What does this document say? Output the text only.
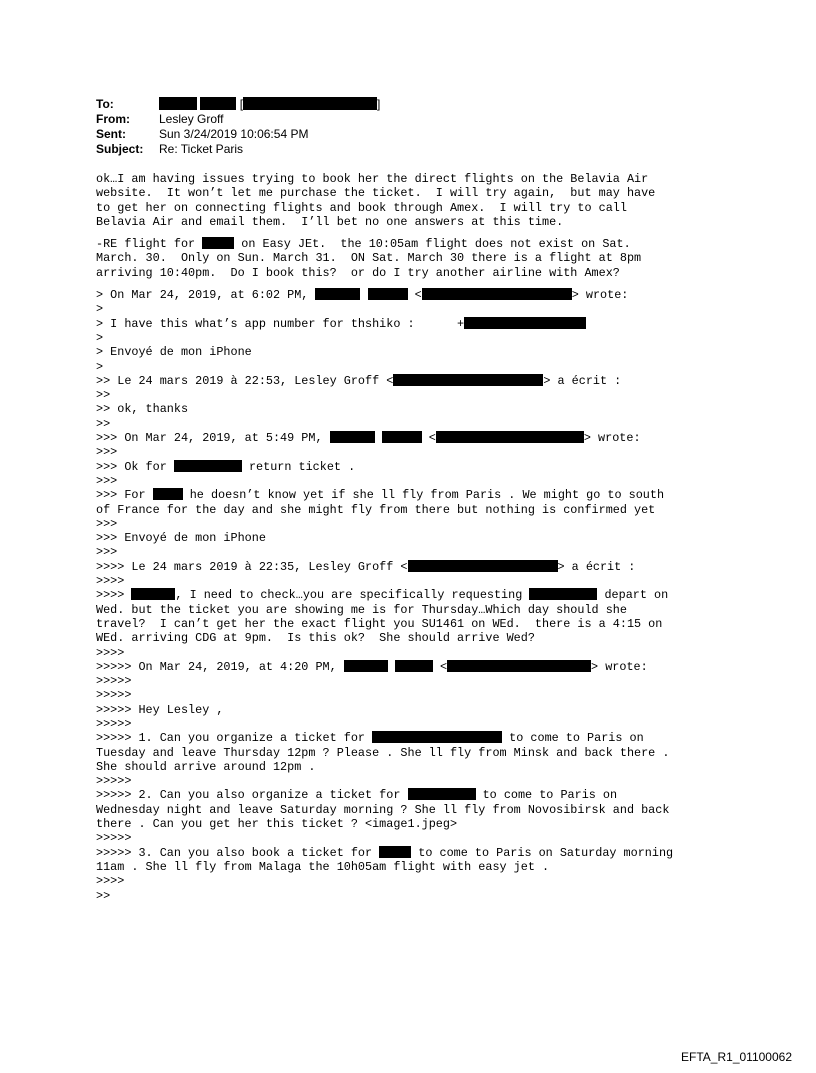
To:	[	]
From: Lesley Groff
Sent:	Sun 3/24/2019 10:06:54 PM
Subject: Re: Ticket Paris
ok…I am having issues trying to book her the direct flights on the Belavia Air
website.  It won’t let me purchase the ticket.  I will try again,  but may have
to get her on connecting flights and book through Amex.  I will try to call
Belavia Air and email them.  I’ll bet no one answers at this time.
-RE flight for	on Easy JEt.  the 10:05am flight does not exist on Sat.
March. 30.  Only on Sun. March 31.  ON Sat. March 30 there is a flight at 8pm
arriving 10:40pm.  Do I book this?  or do I try another airline with Amex?
> On Mar 24, 2019, at 6:02 PM,	<	> wrote:
>
> I have this what’s app number for thshiko :      +
>
> Envoyé de mon iPhone
>
>> Le 24 mars 2019 à 22:53, Lesley Groff <	> a écrit :
>>
>> ok, thanks
>>
>>> On Mar 24, 2019, at 5:49 PM,	<	> wrote:
>>>
>>> Ok for	return ticket .
>>>
>>> For	he doesn’t know yet if she ll fly from Paris . We might go to south
of France for the day and she might fly from there but nothing is confirmed yet
>>>
>>> Envoyé de mon iPhone
>>>
>>>> Le 24 mars 2019 à 22:35, Lesley Groff <	> a écrit :
>>>>
>>>>	, I need to check…you are specifically requesting	depart on
Wed. but the ticket you are showing me is for Thursday…Which day should she
travel?  I can’t get her the exact flight you SU1461 on WEd.  there is a 4:15 on
WEd. arriving CDG at 9pm.  Is this ok?  She should arrive Wed?
>>>>
>>>>> On Mar 24, 2019, at 4:20 PM,	<	> wrote:
>>>>>
>>>>>
>>>>> Hey Lesley ,
>>>>>
>>>>> 1. Can you organize a ticket for	to come to Paris on
Tuesday and leave Thursday 12pm ? Please . She ll fly from Minsk and back there .
She should arrive around 12pm .
>>>>>
>>>>> 2. Can you also organize a ticket for	to come to Paris on
Wednesday night and leave Saturday morning ? She ll fly from Novosibirsk and back
there . Can you get her this ticket ? <image1.jpeg>
>>>>>
>>>>> 3. Can you also book a ticket for	to come to Paris on Saturday morning
11am . She ll fly from Malaga the 10h05am flight with easy jet .
>>>>
>>
EFTA_R1_01100062
